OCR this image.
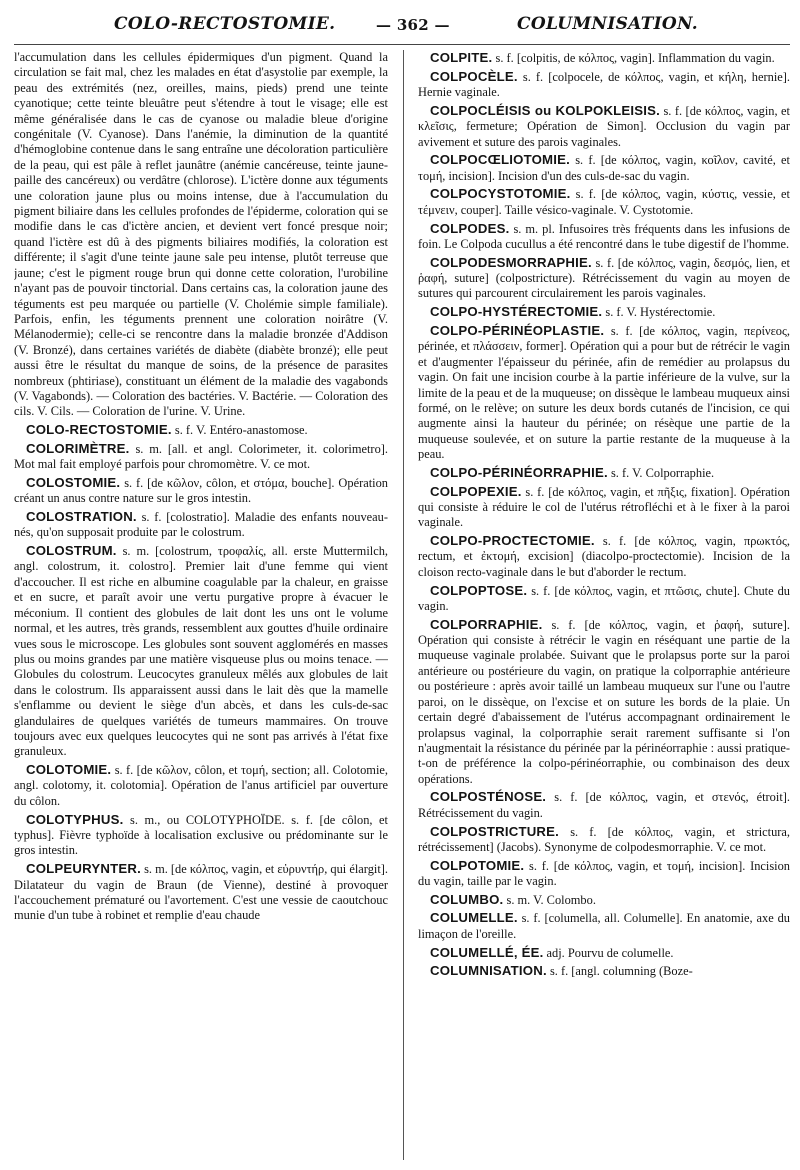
COLO-RECTOSTOMIE.	— 362 —	COLUMNISATION.

l'accumulation dans les cellules épidermiques d'un pigment. Quand la circulation se fait mal, chez les malades en état d'asystolie par exemple, la peau des extrémités (nez, oreilles, mains, pieds) prend une teinte cyanotique; cette teinte bleuâtre peut s'étendre à tout le visage; elle est même généralisée dans le cas de cyanose ou maladie bleue d'origine congénitale (V. Cyanose). Dans l'anémie, la diminution de la quantité d'hémoglobine contenue dans le sang entraîne une décoloration particulière de la peau, qui est pâle à reflet jaunâtre (anémie cancéreuse, teinte jaune-paille des cancéreux) ou verdâtre (chlorose). L'ictère donne aux téguments une coloration jaune plus ou moins intense, due à l'accumulation du pigment biliaire dans les cellules profondes de l'épiderme, coloration qui se modifie dans le cas d'ictère ancien, et devient vert foncé presque noir; quand l'ictère est dû à des pigments biliaires modifiés, la coloration est différente; il s'agit d'une teinte jaune sale peu intense, plutôt terreuse que jaune; c'est le pigment rouge brun qui donne cette coloration, l'urobiline n'ayant pas de pouvoir tinctorial. Dans certains cas, la coloration jaune des téguments est peu marquée ou partielle (V. Cholémie simple familiale). Parfois, enfin, les téguments prennent une coloration noirâtre (V. Mélanodermie); celle-ci se rencontre dans la maladie bronzée d'Addison (V. Bronzé), dans certaines variétés de diabète (diabète bronzé); elle peut aussi être le résultat du manque de soins, de la présence de parasites nombreux (phtiriase), constituant un élément de la maladie des vagabonds (V. Vagabonds). — Coloration des bactéries. V. Bactérie. — Coloration des cils. V. Cils. — Coloration de l'urine. V. Urine.

COLO-RECTOSTOMIE. s. f. V. Entéro-anastomose.

COLORIMÈTRE. s. m. [all. et angl. Colorimeter, it. colorimetro]. Mot mal fait employé parfois pour chromomètre. V. ce mot.

COLOSTOMIE. s. f. [de κῶλον, côlon, et στόμα, bouche]. Opération créant un anus contre nature sur le gros intestin.

COLOSTRATION. s. f. [colostratio]. Maladie des enfants nouveau-nés, qu'on supposait produite par le colostrum.

COLOSTRUM. s. m. [colostrum, τροφαλίς, all. erste Muttermilch, angl. colostrum, it. colostro]. Premier lait d'une femme qui vient d'accoucher. Il est riche en albumine coagulable par la chaleur, en graisse et en sucre, et paraît avoir une vertu purgative propre à évacuer le méconium. Il contient des globules de lait dont les uns ont le volume normal, et les autres, très grands, ressemblent aux gouttes d'huile ordinaire vues sous le microscope. Les globules sont souvent agglomérés en masses plus ou moins grandes par une matière visqueuse plus ou moins tenace. — Globules du colostrum. Leucocytes granuleux mêlés aux globules de lait dans le colostrum. Ils apparaissent aussi dans le lait dès que la mamelle s'enflamme ou devient le siège d'un abcès, et dans les culs-de-sac glandulaires de quelques variétés de tumeurs mammaires. On trouve toujours avec eux quelques leucocytes qui ne sont pas arrivés à l'état fixe granuleux.

COLOTOMIE. s. f. [de κῶλον, côlon, et τομή, section; all. Colotomie, angl. colotomy, it. colotomia]. Opération de l'anus artificiel par ouverture du côlon.

COLOTYPHUS. s. m., ou COLOTYPHOÏDE. s. f. [de côlon, et typhus]. Fièvre typhoïde à localisation exclusive ou prédominante sur le gros intestin.

COLPEURYNTER. s. m. [de κόλπος, vagin, et εὐρυντήρ, qui élargit]. Dilatateur du vagin de Braun (de Vienne), destiné à provoquer l'accouchement prématuré ou l'avortement. C'est une vessie de caoutchouc munie d'un tube à robinet et remplie d'eau chaude

COLPITE. s. f. [colpitis, de κόλπος, vagin]. Inflammation du vagin.

COLPOCÈLE. s. f. [colpocele, de κόλπος, vagin, et κήλη, hernie]. Hernie vaginale.

COLPOCLÉISIS ou KOLPOKLEISIS. s. f. [de κόλπος, vagin, et κλεῖσις, fermeture; Opération de Simon]. Occlusion du vagin par avivement et suture des parois vaginales.

COLPOCŒLIOTOMIE. s. f. [de κόλπος, vagin, κοῖλον, cavité, et τομή, incision]. Incision d'un des culs-de-sac du vagin.

COLPOCYSTOTOMIE. s. f. [de κόλπος, vagin, κύστις, vessie, et τέμνειν, couper]. Taille vésico-vaginale. V. Cystotomie.

COLPODES. s. m. pl. Infusoires très fréquents dans les infusions de foin. Le Colpoda cucullus a été rencontré dans le tube digestif de l'homme.

COLPODESMORRAPHIE. s. f. [de κόλπος, vagin, δεσμός, lien, et ῥαφή, suture] (colpostricture). Rétrécissement du vagin au moyen de sutures qui parcourent circulairement les parois vaginales.

COLPO-HYSTÉRECTOMIE. s. f. V. Hystérectomie.

COLPO-PÉRINÉOPLASTIE. s. f. [de κόλπος, vagin, περίνεος, périnée, et πλάσσειν, former]. Opération qui a pour but de rétrécir le vagin et d'augmenter l'épaisseur du périnée, afin de remédier au prolapsus du vagin. On fait une incision courbe à la partie inférieure de la vulve, sur la limite de la peau et de la muqueuse; on dissèque le lambeau muqueux ainsi formé, on le relève; on suture les deux bords cutanés de l'incision, ce qui augmente ainsi la hauteur du périnée; on résèque une partie de la muqueuse soulevée, et on suture la partie restante de la muqueuse à la peau.

COLPO-PÉRINÉORRAPHIE. s. f. V. Colporraphie.

COLPOPEXIE. s. f. [de κόλπος, vagin, et πῆξις, fixation]. Opération qui consiste à réduire le col de l'utérus rétrofléchi et à le fixer à la paroi vaginale.

COLPO-PROCTECTOMIE. s. f. [de κόλπος, vagin, πρωκτός, rectum, et ἐκτομή, excision] (diacolpo-proctectomie). Incision de la cloison recto-vaginale dans le but d'aborder le rectum.

COLPOPTOSE. s. f. [de κόλπος, vagin, et πτῶσις, chute]. Chute du vagin.

COLPORRAPHIE. s. f. [de κόλπος, vagin, et ῥαφή, suture]. Opération qui consiste à rétrécir le vagin en réséquant une partie de la muqueuse vaginale prolabée. Suivant que le prolapsus porte sur la paroi antérieure ou postérieure du vagin, on pratique la colporraphie antérieure ou postérieure : après avoir taillé un lambeau muqueux sur l'une ou l'autre paroi, on le dissèque, on l'excise et on suture les bords de la plaie. Un certain degré d'abaissement de l'utérus accompagnant ordinairement le prolapsus vaginal, la colporraphie serait rarement suffisante si l'on n'augmentait la résistance du périnée par la périnéorraphie : aussi pratique-t-on de préférence la colpo-périnéorraphie, ou combinaison des deux opérations.

COLPOSTÉNOSE. s. f. [de κόλπος, vagin, et στενός, étroit]. Rétrécissement du vagin.

COLPOSTRICTURE. s. f. [de κόλπος, vagin, et strictura, rétrécissement] (Jacobs). Synonyme de colpodesmorraphie. V. ce mot.

COLPOTOMIE. s. f. [de κόλπος, vagin, et τομή, incision]. Incision du vagin, taille par le vagin.

COLUMBO. s. m. V. Colombo.

COLUMELLE. s. f. [columella, all. Columelle]. En anatomie, axe du limaçon de l'oreille.

COLUMELLÉ, ÉE. adj. Pourvu de columelle.

COLUMNISATION. s. f. [angl. columning (Boze-
